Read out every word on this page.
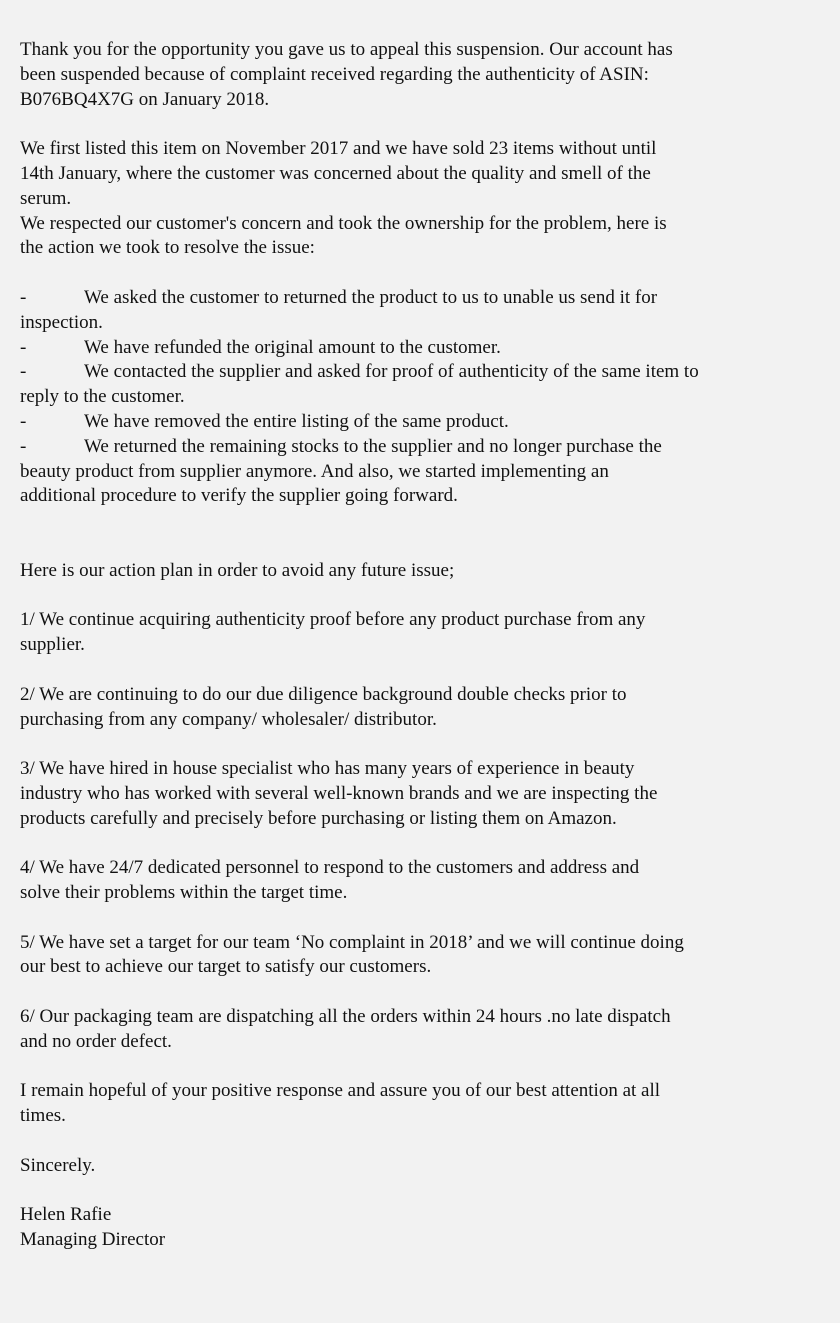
Thank you for the opportunity you gave us to appeal this suspension. Our account has
been suspended because of complaint received regarding the authenticity of ASIN:
B076BQ4X7G on January 2018.
We first listed this item on November 2017 and we have sold 23 items without until
14th January, where the customer was concerned about the quality and smell of the
serum.
We respected our customer's concern and took the ownership for the problem, here is
the action we took to resolve the issue:
-	We asked the customer to returned the product to us to unable us send it for
inspection.
-	We have refunded the original amount to the customer.
-	We contacted the supplier and asked for proof of authenticity of the same item to
reply to the customer.
-	We have removed the entire listing of the same product.
-	We returned the remaining stocks to the supplier and no longer purchase the
beauty product from supplier anymore. And also, we started implementing an
additional procedure to verify the supplier going forward.
Here is our action plan in order to avoid any future issue;
1/ We continue acquiring authenticity proof before any product purchase from any
supplier.
2/ We are continuing to do our due diligence background double checks prior to
purchasing from any company/ wholesaler/ distributor.
3/ We have hired in house specialist who has many years of experience in beauty
industry who has worked with several well-known brands and we are inspecting the
products carefully and precisely before purchasing or listing them on Amazon.
4/ We have 24/7 dedicated personnel to respond to the customers and address and
solve their problems within the target time.
5/ We have set a target for our team ‘No complaint in 2018’ and we will continue doing
our best to achieve our target to satisfy our customers.
6/ Our packaging team are dispatching all the orders within 24 hours .no late dispatch
and no order defect.
I remain hopeful of your positive response and assure you of our best attention at all
times.
Sincerely.
Helen Rafie
Managing Director
